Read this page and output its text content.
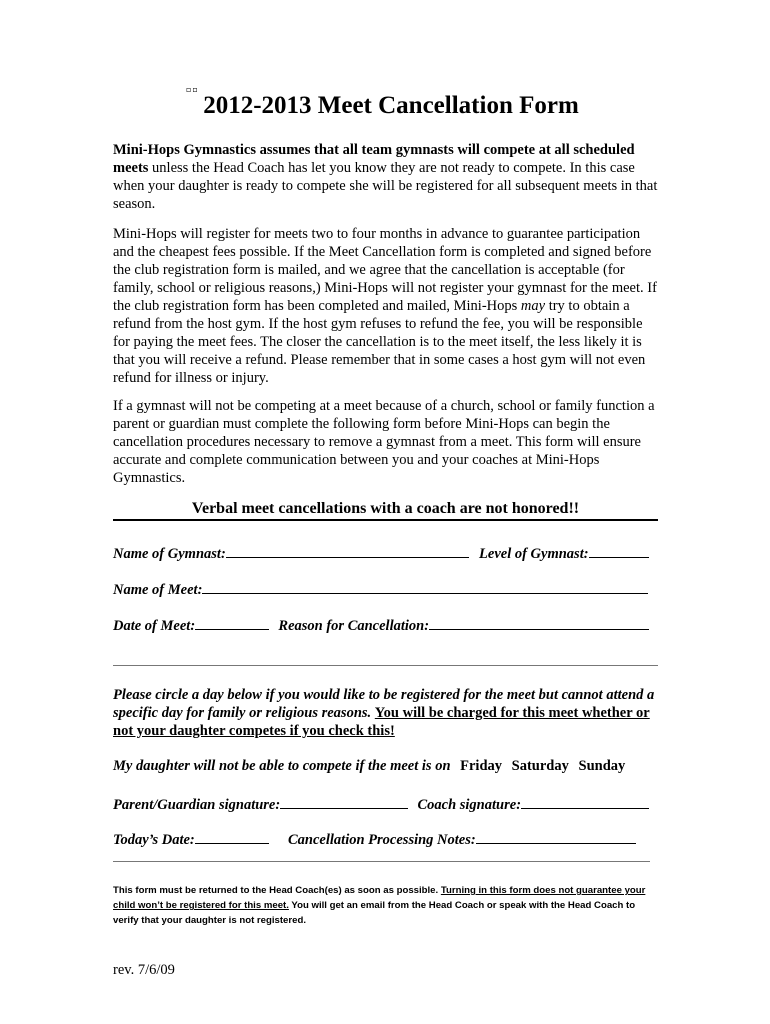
▫▫
2012-2013 Meet Cancellation Form
Mini-Hops Gymnastics assumes that all team gymnasts will compete at all scheduled meets unless the Head Coach has let you know they are not ready to compete. In this case when your daughter is ready to compete she will be registered for all subsequent meets in that season.
Mini-Hops will register for meets two to four months in advance to guarantee participation and the cheapest fees possible. If the Meet Cancellation form is completed and signed before the club registration form is mailed, and we agree that the cancellation is acceptable (for family, school or religious reasons,) Mini-Hops will not register your gymnast for the meet. If the club registration form has been completed and mailed, Mini-Hops may try to obtain a refund from the host gym. If the host gym refuses to refund the fee, you will be responsible for paying the meet fees. The closer the cancellation is to the meet itself, the less likely it is that you will receive a refund. Please remember that in some cases a host gym will not even refund for illness or injury.
If a gymnast will not be competing at a meet because of a church, school or family function a parent or guardian must complete the following form before Mini-Hops can begin the cancellation procedures necessary to remove a gymnast from a meet. This form will ensure accurate and complete communication between you and your coaches at Mini-Hops Gymnastics.
Verbal meet cancellations with a coach are not honored!!
Name of Gymnast:	Level of Gymnast:
Name of Meet:
Date of Meet:	Reason for Cancellation:
Please circle a day below if you would like to be registered for the meet but cannot attend a specific day for family or religious reasons. You will be charged for this meet whether or not your daughter competes if you check this!
My daughter will not be able to compete if the meet is on Friday Saturday Sunday
Parent/Guardian signature:	Coach signature:
Today’s Date:	Cancellation Processing Notes:
This form must be returned to the Head Coach(es) as soon as possible. Turning in this form does not guarantee your child won’t be registered for this meet. You will get an email from the Head Coach or speak with the Head Coach to verify that your daughter is not registered.
rev. 7/6/09
